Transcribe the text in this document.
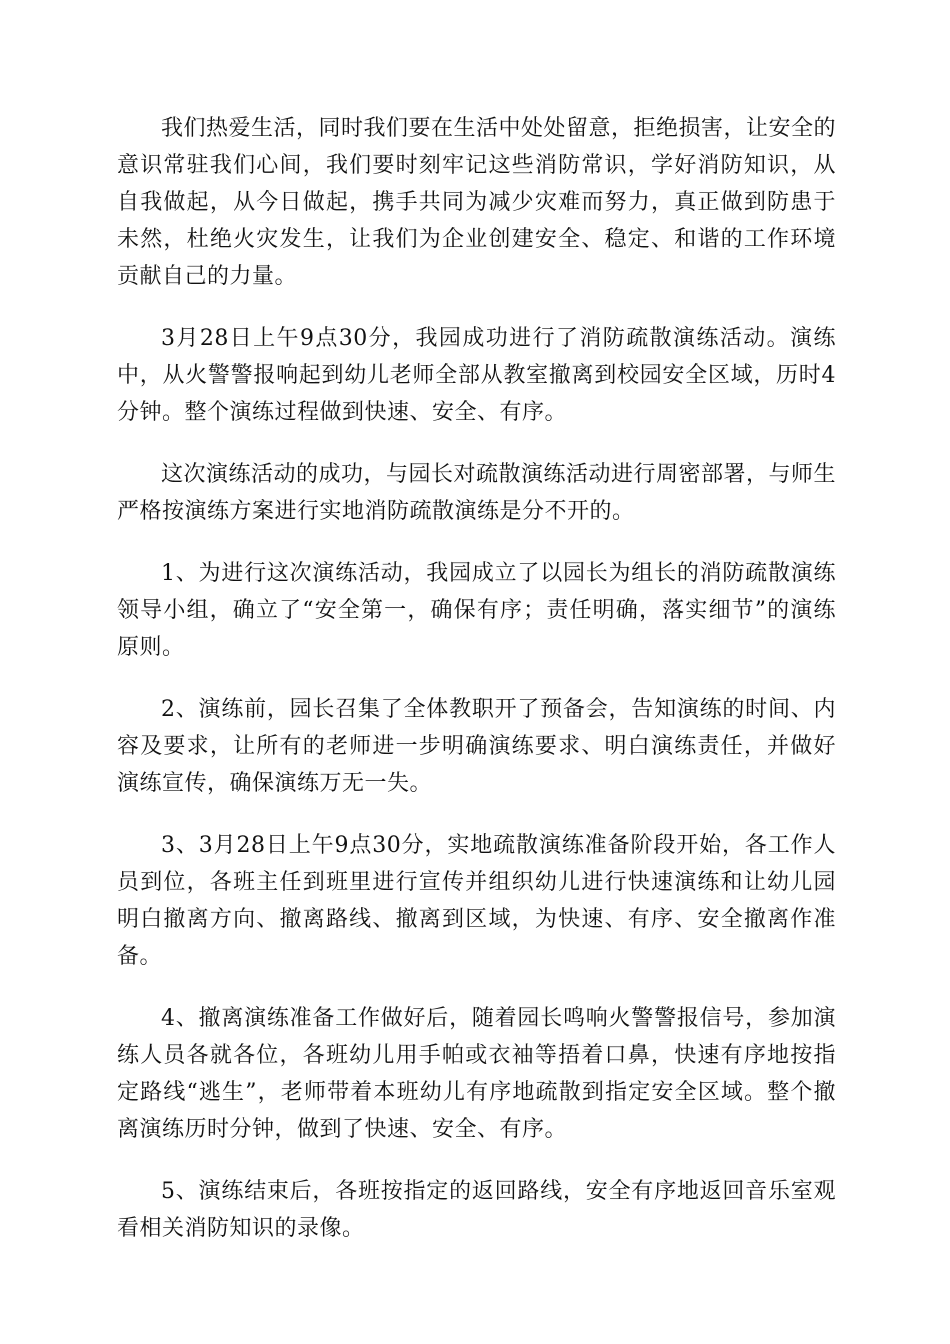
我们热爱生活，同时我们要在生活中处处留意，拒绝损害，让安全的意识常驻我们心间，我们要时刻牢记这些消防常识，学好消防知识，从自我做起，从今日做起，携手共同为减少灾难而努力，真正做到防患于未然，杜绝火灾发生，让我们为企业创建安全、稳定、和谐的工作环境贡献自己的力量。

3月28日上午9点30分，我园成功进行了消防疏散演练活动。演练中，从火警警报响起到幼儿老师全部从教室撤离到校园安全区域，历时4分钟。整个演练过程做到快速、安全、有序。

这次演练活动的成功，与园长对疏散演练活动进行周密部署，与师生严格按演练方案进行实地消防疏散演练是分不开的。

1、为进行这次演练活动，我园成立了以园长为组长的消防疏散演练领导小组，确立了“安全第一，确保有序；责任明确，落实细节”的演练原则。

2、演练前，园长召集了全体教职开了预备会，告知演练的时间、内容及要求，让所有的老师进一步明确演练要求、明白演练责任，并做好演练宣传，确保演练万无一失。

3、3月28日上午9点30分，实地疏散演练准备阶段开始，各工作人员到位，各班主任到班里进行宣传并组织幼儿进行快速演练和让幼儿园明白撤离方向、撤离路线、撤离到区域，为快速、有序、安全撤离作准备。

4、撤离演练准备工作做好后，随着园长鸣响火警警报信号，参加演练人员各就各位，各班幼儿用手帕或衣袖等捂着口鼻，快速有序地按指定路线“逃生”，老师带着本班幼儿有序地疏散到指定安全区域。整个撤离演练历时分钟，做到了快速、安全、有序。

5、演练结束后，各班按指定的返回路线，安全有序地返回音乐室观看相关消防知识的录像。
